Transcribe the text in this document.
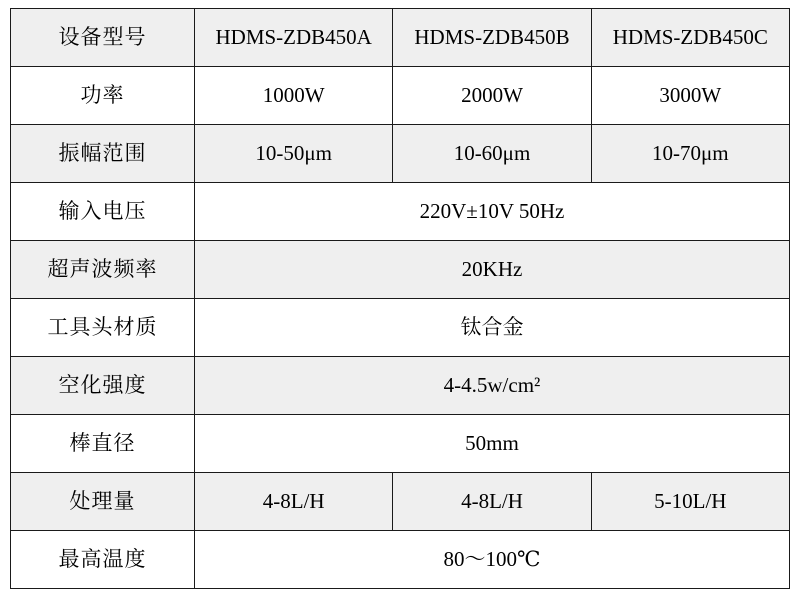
设备型号	HDMS-ZDB450A	HDMS-ZDB450B	HDMS-ZDB450C
功率	1000W	2000W	3000W
振幅范围	10-50μm	10-60μm	10-70μm
输入电压	220V±10V 50Hz		
超声波频率	20KHz		
工具头材质	钛合金		
空化强度	4-4.5w/cm²		
棒直径	50mm		
处理量	4-8L/H	4-8L/H	5-10L/H
最高温度	80～100℃		
